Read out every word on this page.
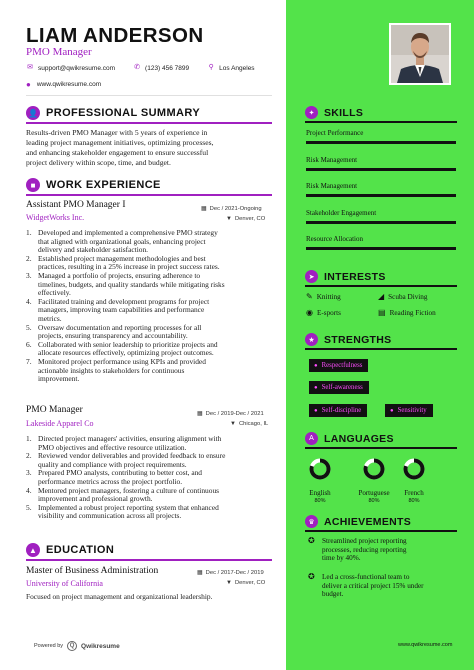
LIAM ANDERSON
PMO Manager
✉ support@qwikresume.com	✆ (123) 456 7899	⚲ Los Angeles
● www.qwikresume.com
👤 PROFESSIONAL SUMMARY
Results-driven PMO Manager with 5 years of experience in
leading project management initiatives, optimizing processes,
and enhancing stakeholder engagement to ensure successful
project delivery within scope, time, and budget.
■ WORK EXPERIENCE
Assistant PMO Manager I
WidgetWorks Inc.
▦ Dec / 2021-Ongoing
▼ Denver, CO
1. Developed and implemented a comprehensive PMO strategy
that aligned with organizational goals, enhancing project
delivery and stakeholder satisfaction.
2. Established project management methodologies and best
practices, resulting in a 25% increase in project success rates.
3. Managed a portfolio of projects, ensuring adherence to
timelines, budgets, and quality standards while mitigating risks
effectively.
4. Facilitated training and development programs for project
managers, improving team capabilities and performance
metrics.
5. Oversaw documentation and reporting processes for all
projects, ensuring transparency and accountability.
6. Collaborated with senior leadership to prioritize projects and
allocate resources effectively, optimizing project outcomes.
7. Monitored project performance using KPIs and provided
actionable insights to stakeholders for continuous
improvement.
PMO Manager
Lakeside Apparel Co
▦ Dec / 2019-Dec / 2021
▼ Chicago, IL
1. Directed project managers' activities, ensuring alignment with
PMO objectives and effective resource utilization.
2. Reviewed vendor deliverables and provided feedback to ensure
quality and compliance with project requirements.
3. Prepared PMO analysts, contributing to better cost, and
performance metrics across the project portfolio.
4. Mentored project managers, fostering a culture of continuous
improvement and professional growth.
5. Implemented a robust project reporting system that enhanced
visibility and communication across all projects.
▲ EDUCATION
Master of Business Administration
University of California
▦ Dec / 2017-Dec / 2019
▼ Denver, CO
Focused on project management and organizational leadership.
Powered by	Q	Qwikresume
✦ SKILLS
Project Performance
Risk Management
Risk Management
Stakeholder Engagement
Resource Allocation
➤ INTERESTS
✎ Knitting	◢ Scuba Diving
◉ E-sports	▤ Reading Fiction
★ STRENGTHS
● Respectfulness
● Self-awareness
● Self-discipline	● Sensitivity
A LANGUAGES
English
80%
Portuguese
80%
French
80%
♛ ACHIEVEMENTS
✪ Streamlined project reporting
processes, reducing reporting
time by 40%.
✪ Led a cross-functional team to
deliver a critical project 15% under
budget.
www.qwikresume.com
